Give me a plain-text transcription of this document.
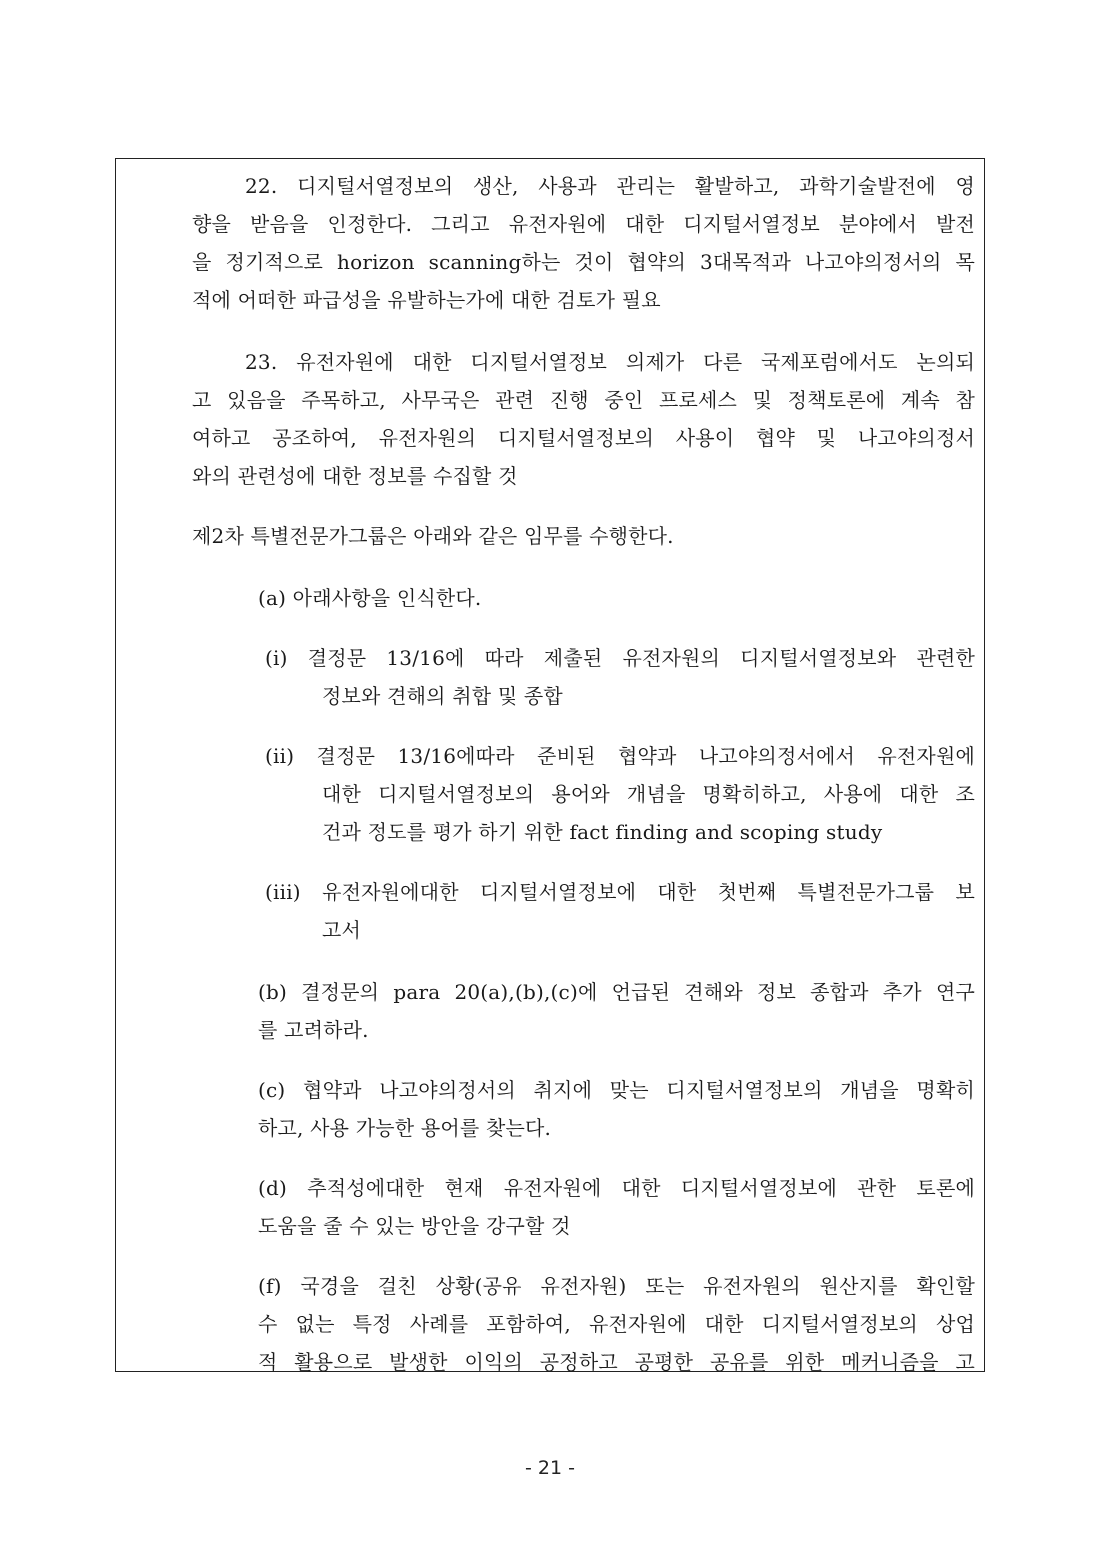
22. 디지털서열정보의 생산, 사용과 관리는 활발하고, 과학기술발전에 영
향을 받음을 인정한다. 그리고 유전자원에 대한 디지털서열정보 분야에서 발전
을 정기적으로 horizon scanning하는 것이 협약의 3대목적과 나고야의정서의 목
적에 어떠한 파급성을 유발하는가에 대한 검토가 필요
23. 유전자원에 대한 디지털서열정보 의제가 다른 국제포럼에서도 논의되
고 있음을 주목하고, 사무국은 관련 진행 중인 프로세스 및 정책토론에 계속 참
여하고 공조하여, 유전자원의 디지털서열정보의 사용이 협약 및 나고야의정서
와의 관련성에 대한 정보를 수집할 것
제2차 특별전문가그룹은 아래와 같은 임무를 수행한다.
(a) 아래사항을 인식한다.
(i) 결정문 13/16에 따라 제출된 유전자원의 디지털서열정보와 관련한
정보와 견해의 취합 및 종합
(ii) 결정문 13/16에따라 준비된 협약과 나고야의정서에서 유전자원에
대한 디지털서열정보의 용어와 개념을 명확히하고, 사용에 대한 조
건과 정도를 평가 하기 위한 fact finding and scoping study
(iii) 유전자원에대한 디지털서열정보에 대한 첫번째 특별전문가그룹 보
고서
(b) 결정문의 para 20(a),(b),(c)에 언급된 견해와 정보 종합과 추가 연구
를 고려하라.
(c) 협약과 나고야의정서의 취지에 맞는 디지털서열정보의 개념을 명확히
하고, 사용 가능한 용어를 찾는다.
(d) 추적성에대한 현재 유전자원에 대한 디지털서열정보에 관한 토론에
도움을 줄 수 있는 방안을 강구할 것
(f) 국경을 걸친 상황(공유 유전자원) 또는 유전자원의 원산지를 확인할
수 없는 특정 사례를 포함하여, 유전자원에 대한 디지털서열정보의 상업
적 활용으로 발생한 이익의 공정하고 공평한 공유를 위한 메커니즘을 고
- 21 -
